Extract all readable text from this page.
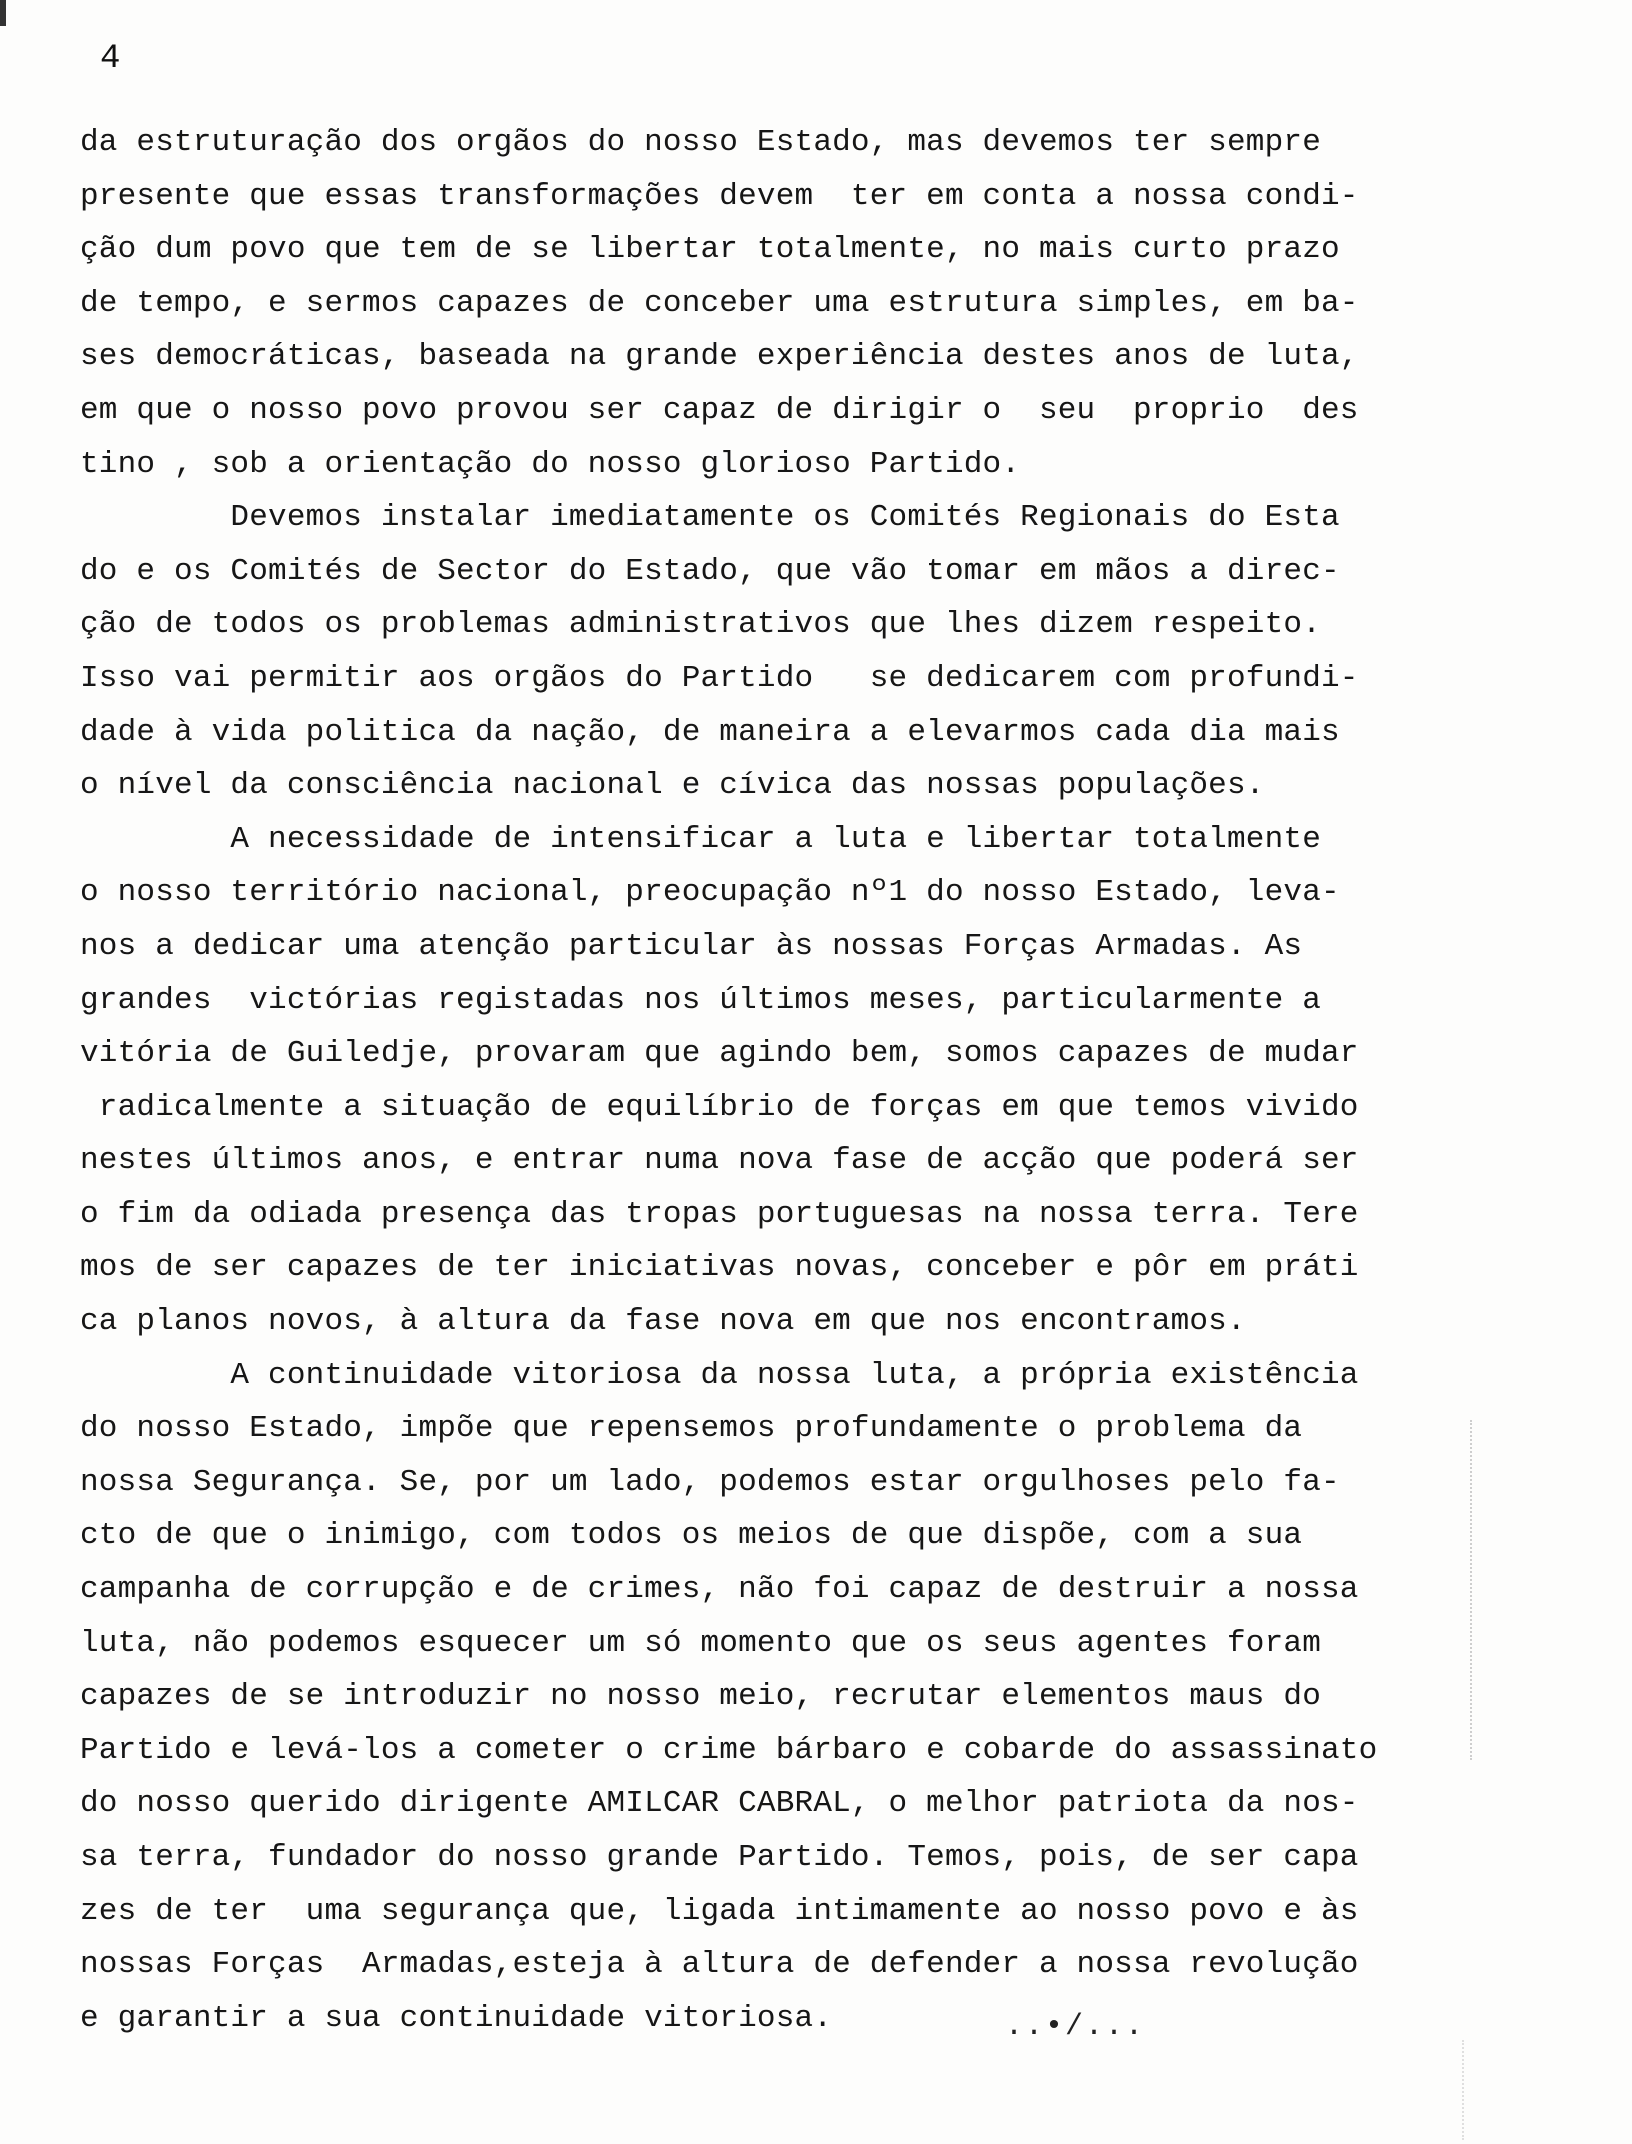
4
da estruturação dos orgãos do nosso Estado, mas devemos ter sempre
presente que essas transformações devem  ter em conta a nossa condi-
ção dum povo que tem de se libertar totalmente, no mais curto prazo
de tempo, e sermos capazes de conceber uma estrutura simples, em ba-
ses democráticas, baseada na grande experiência destes anos de luta,
em que o nosso povo provou ser capaz de dirigir o  seu  proprio  des
tino , sob a orientação do nosso glorioso Partido.
Devemos instalar imediatamente os Comités Regionais do Esta
do e os Comités de Sector do Estado, que vão tomar em mãos a direc-
ção de todos os problemas administrativos que lhes dizem respeito.
Isso vai permitir aos orgãos do Partido   se dedicarem com profundi-
dade à vida politica da nação, de maneira a elevarmos cada dia mais
o nível da consciência nacional e cívica das nossas populações.
A necessidade de intensificar a luta e libertar totalmente
o nosso território nacional, preocupação nº1 do nosso Estado, leva-
nos a dedicar uma atenção particular às nossas Forças Armadas. As
grandes  victórias registadas nos últimos meses, particularmente a
vitória de Guiledje, provaram que agindo bem, somos capazes de mudar
radicalmente a situação de equilíbrio de forças em que temos vivido
nestes últimos anos, e entrar numa nova fase de acção que poderá ser
o fim da odiada presença das tropas portuguesas na nossa terra. Tere
mos de ser capazes de ter iniciativas novas, conceber e pôr em práti
ca planos novos, à altura da fase nova em que nos encontramos.
A continuidade vitoriosa da nossa luta, a própria existência
do nosso Estado, impõe que repensemos profundamente o problema da
nossa Segurança. Se, por um lado, podemos estar orgulhoses pelo fa-
cto de que o inimigo, com todos os meios de que dispõe, com a sua
campanha de corrupção e de crimes, não foi capaz de destruir a nossa
luta, não podemos esquecer um só momento que os seus agentes foram
capazes de se introduzir no nosso meio, recrutar elementos maus do
Partido e levá-los a cometer o crime bárbaro e cobarde do assassinato
do nosso querido dirigente AMILCAR CABRAL, o melhor patriota da nos-
sa terra, fundador do nosso grande Partido. Temos, pois, de ser capa
zes de ter  uma segurança que, ligada intimamente ao nosso povo e às
nossas Forças  Armadas,esteja à altura de defender a nossa revolução
e garantir a sua continuidade vitoriosa.	..•/...
